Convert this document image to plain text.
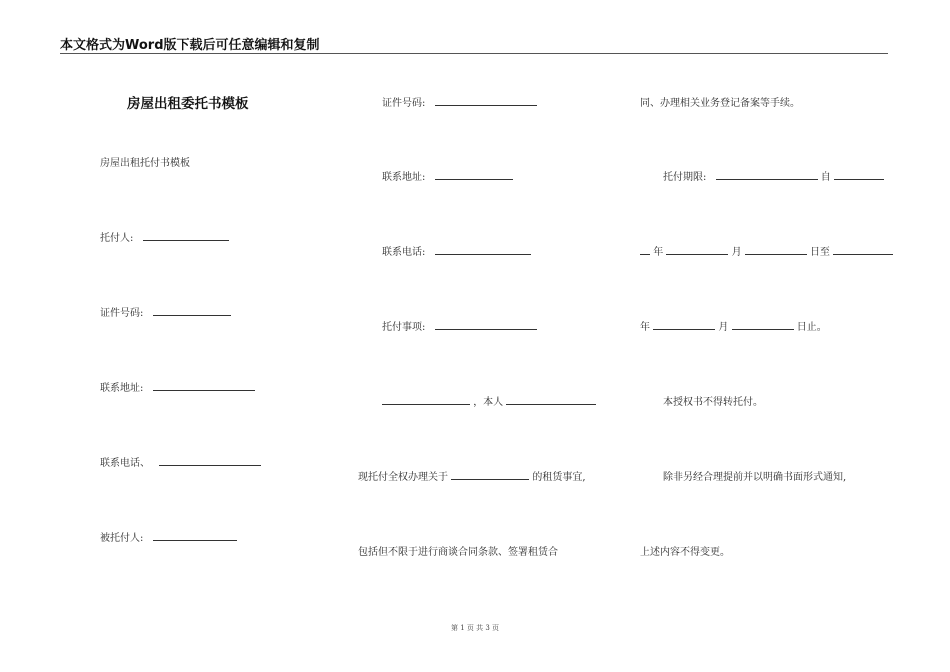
本文格式为Word版下载后可任意编辑和复制
房屋出租委托书模板
房屋出租托付书模板
托付人:
证件号码:
联系地址:
联系电话、
被托付人:
证件号码:
联系地址:
联系电话:
托付事项:
，本人
现托付全权办理关于	的租赁事宜,
包括但不限于进行商谈合同条款、签署租赁合
同、办理相关业务登记备案等手续。
托付期限:	自
年	月	日至
年	月	日止。
本授权书不得转托付。
除非另经合理提前并以明确书面形式通知,
上述内容不得变更。
第 1 页 共 3 页
